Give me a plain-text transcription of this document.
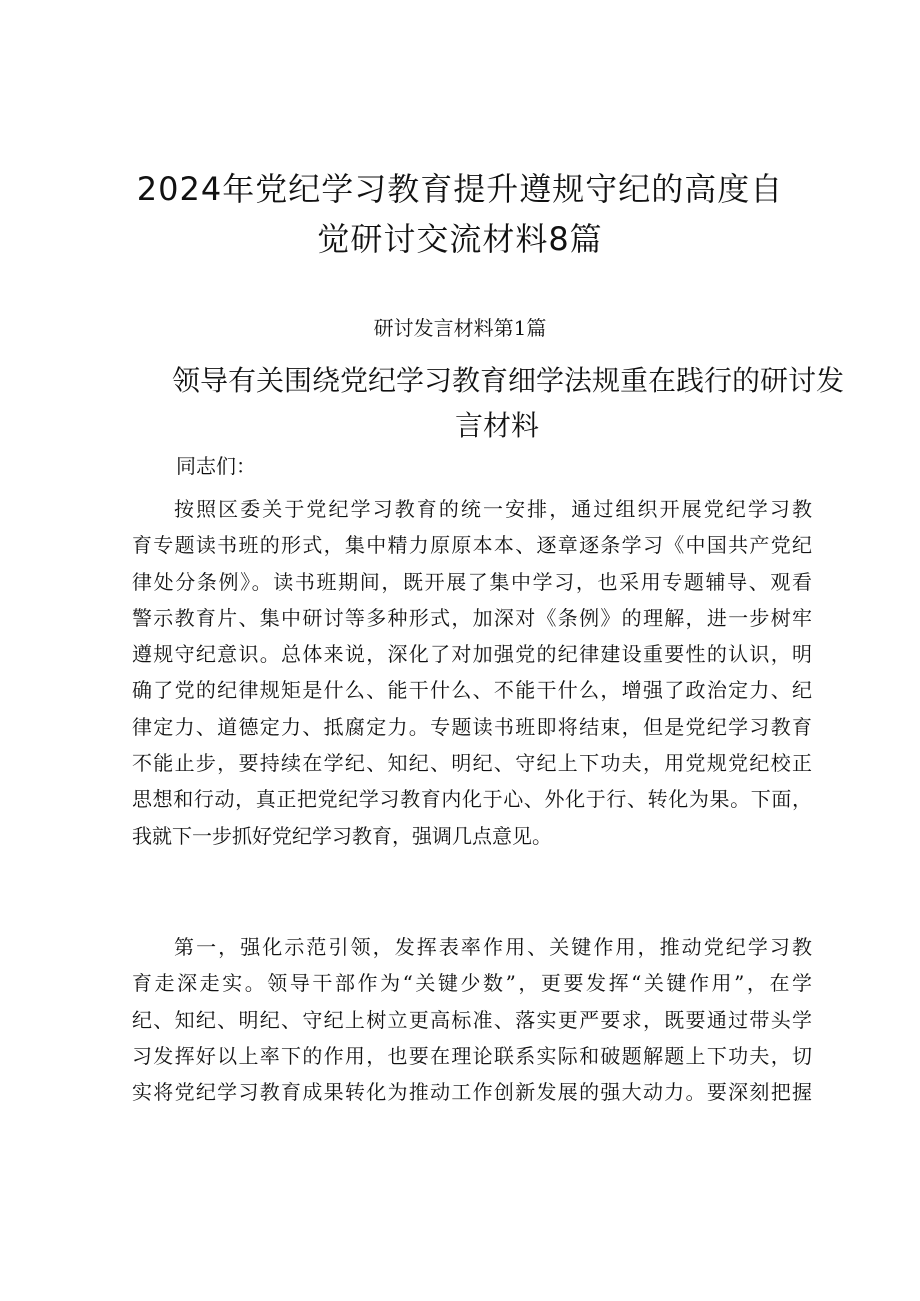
2024年党纪学习教育提升遵规守纪的高度自
觉研讨交流材料8篇
研讨发言材料第1篇
领导有关围绕党纪学习教育细学法规重在践行的研讨发
言材料
同志们：
按照区委关于党纪学习教育的统一安排，通过组织开展党纪学习教
育专题读书班的形式，集中精力原原本本、逐章逐条学习《中国共产党纪
律处分条例》。读书班期间，既开展了集中学习，也采用专题辅导、观看
警示教育片、集中研讨等多种形式，加深对《条例》的理解，进一步树牢
遵规守纪意识。总体来说，深化了对加强党的纪律建设重要性的认识，明
确了党的纪律规矩是什么、能干什么、不能干什么，增强了政治定力、纪
律定力、道德定力、抵腐定力。专题读书班即将结束，但是党纪学习教育
不能止步，要持续在学纪、知纪、明纪、守纪上下功夫，用党规党纪校正
思想和行动，真正把党纪学习教育内化于心、外化于行、转化为果。下面，
我就下一步抓好党纪学习教育，强调几点意见。
第一，强化示范引领，发挥表率作用、关键作用，推动党纪学习教
育走深走实。领导干部作为“关键少数”，更要发挥“关键作用”，在学
纪、知纪、明纪、守纪上树立更高标准、落实更严要求，既要通过带头学
习发挥好以上率下的作用，也要在理论联系实际和破题解题上下功夫，切
实将党纪学习教育成果转化为推动工作创新发展的强大动力。要深刻把握
